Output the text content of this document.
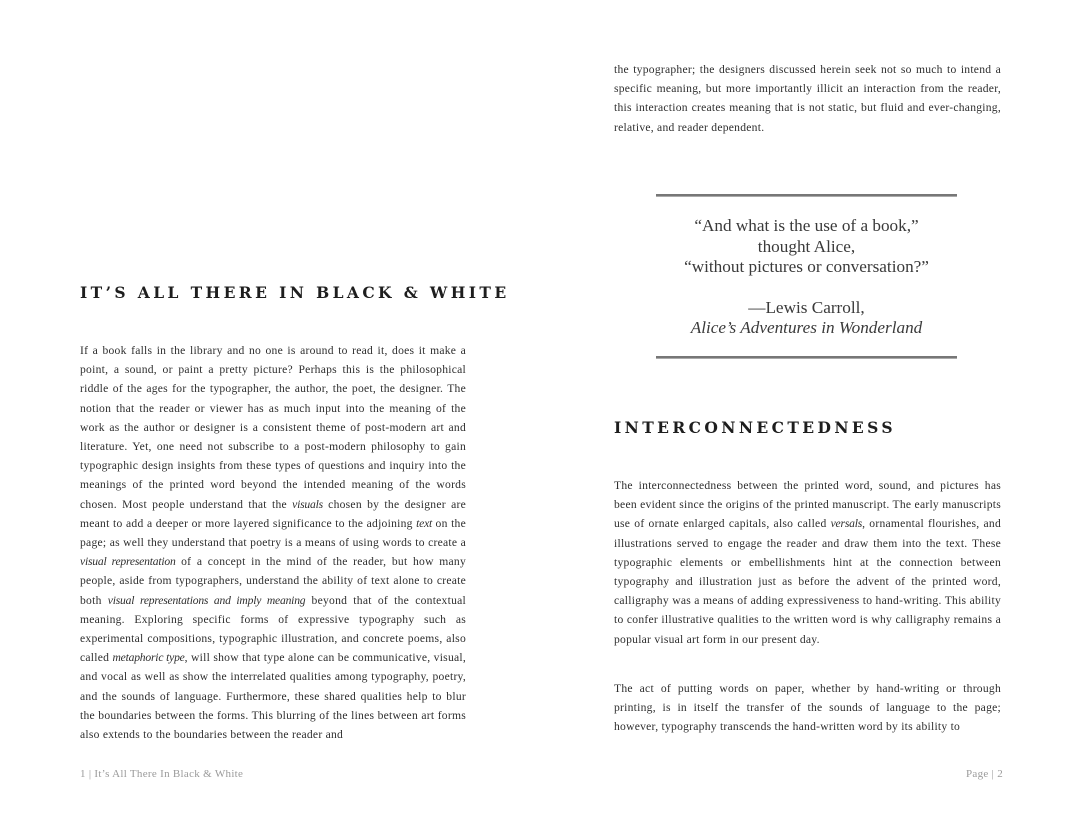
IT’S ALL THERE IN BLACK & WHITE

If a book falls in the library and no one is around to read it, does it make a point, a sound, or paint a pretty picture? Perhaps this is the philosophical riddle of the ages for the typographer, the author, the poet, the designer. The notion that the reader or viewer has as much input into the meaning of the work as the author or designer is a consistent theme of post-modern art and literature. Yet, one need not subscribe to a post-modern philosophy to gain typographic design insights from these types of questions and inquiry into the meanings of the printed word beyond the intended meaning of the words chosen. Most people understand that the visuals chosen by the designer are meant to add a deeper or more layered significance to the adjoining text on the page; as well they understand that poetry is a means of using words to create a visual representation of a concept in the mind of the reader, but how many people, aside from typographers, understand the ability of text alone to create both visual representations and imply meaning beyond that of the contextual meaning. Exploring specific forms of expressive typography such as experimental compositions, typographic illustration, and concrete poems, also called metaphoric type, will show that type alone can be communicative, visual, and vocal as well as show the interrelated qualities among typography, poetry, and the sounds of language. Furthermore, these shared qualities help to blur the boundaries between the forms. This blurring of the lines between art forms also extends to the boundaries between the reader and

1 | It’s All There In Black & White

the typographer; the designers discussed herein seek not so much to intend a specific meaning, but more importantly illicit an interaction from the reader, this interaction creates meaning that is not static, but fluid and ever-changing, relative, and reader dependent.

“And what is the use of a book,”
thought Alice,
“without pictures or conversation?”
—Lewis Carroll,
Alice’s Adventures in Wonderland
INTERCONNECTEDNESS

The interconnectedness between the printed word, sound, and pictures has been evident since the origins of the printed manuscript. The early manuscripts use of ornate enlarged capitals, also called versals, ornamental flourishes, and illustrations served to engage the reader and draw them into the text. These typographic elements or embellishments hint at the connection between typography and illustration just as before the advent of the printed word, calligraphy was a means of adding expressiveness to hand-writing. This ability to confer illustrative qualities to the written word is why calligraphy remains a popular visual art form in our present day.

The act of putting words on paper, whether by hand-writing or through printing, is in itself the transfer of the sounds of language to the page; however, typography transcends the hand-written word by its ability to

Page | 2
